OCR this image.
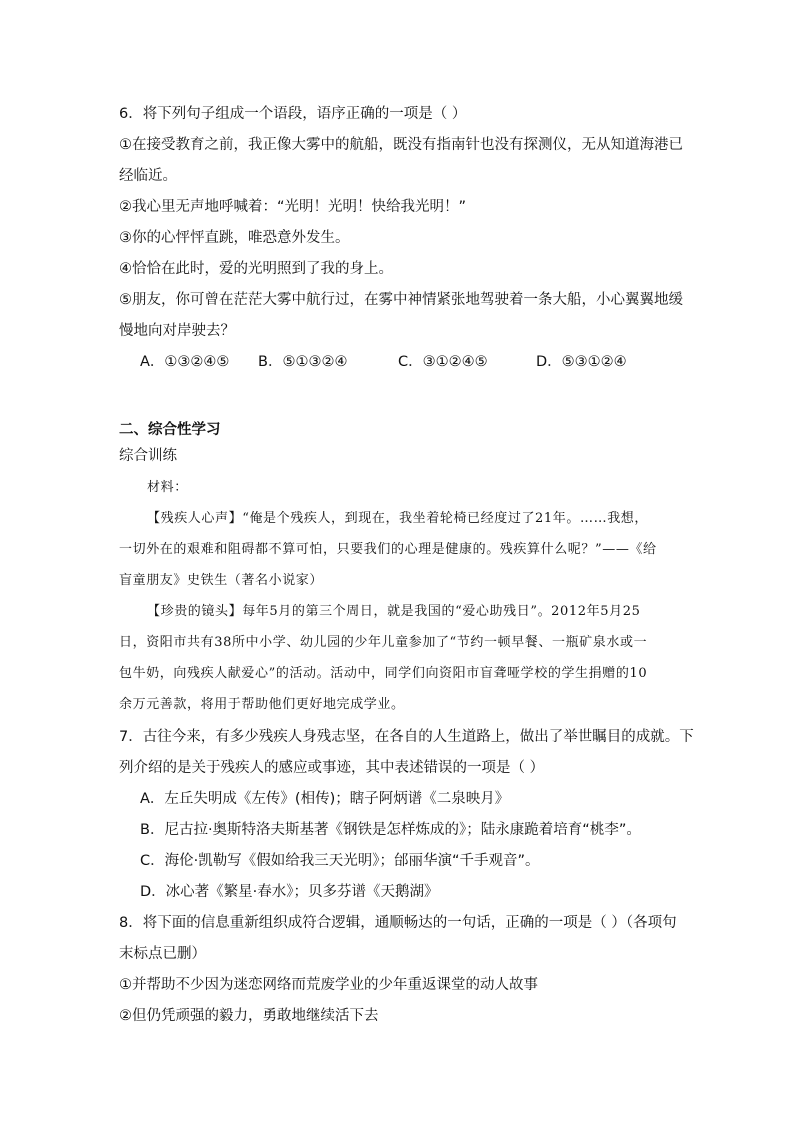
6．将下列句子组成一个语段，语序正确的一项是（ ）
①在接受教育之前，我正像大雾中的航船，既没有指南针也没有探测仪，无从知道海港已
经临近。
②我心里无声地呼喊着：“光明！光明！快给我光明！”
③你的心怦怦直跳，唯恐意外发生。
④恰恰在此时，爱的光明照到了我的身上。
⑤朋友，你可曾在茫茫大雾中航行过，在雾中神情紧张地驾驶着一条大船，小心翼翼地缓
慢地向对岸驶去？
A．①③②④⑤ B．⑤①③②④	C．③①②④⑤	D．⑤③①②④
二、综合性学习
综合训练
材料：
【残疾人心声】“俺是个残疾人，到现在，我坐着轮椅已经度过了21年。……我想，
一切外在的艰难和阻碍都不算可怕，只要我们的心理是健康的。残疾算什么呢？”——《给
盲童朋友》史铁生（著名小说家）
【珍贵的镜头】每年5月的第三个周日，就是我国的“爱心助残日”。2012年5月25
日，资阳市共有38所中小学、幼儿园的少年儿童参加了“节约一顿早餐、一瓶矿泉水或一
包牛奶，向残疾人献爱心”的活动。活动中，同学们向资阳市盲聋哑学校的学生捐赠的10
余万元善款，将用于帮助他们更好地完成学业。
7．古往今来，有多少残疾人身残志坚，在各自的人生道路上，做出了举世瞩目的成就。下
列介绍的是关于残疾人的感应或事迹，其中表述错误的一项是（ ）
A．左丘失明成《左传》(相传)；瞎子阿炳谱《二泉映月》
B．尼古拉·奥斯特洛夫斯基著《钢铁是怎样炼成的》；陆永康跪着培育“桃李”。
C．海伦·凯勒写《假如给我三天光明》；邰丽华演“千手观音”。
D．冰心著《繁星·春水》；贝多芬谱《天鹅湖》
8．将下面的信息重新组织成符合逻辑，通顺畅达的一句话，正确的一项是（ ）（各项句
末标点已删）
①并帮助不少因为迷恋网络而荒废学业的少年重返课堂的动人故事
②但仍凭顽强的毅力，勇敢地继续活下去
